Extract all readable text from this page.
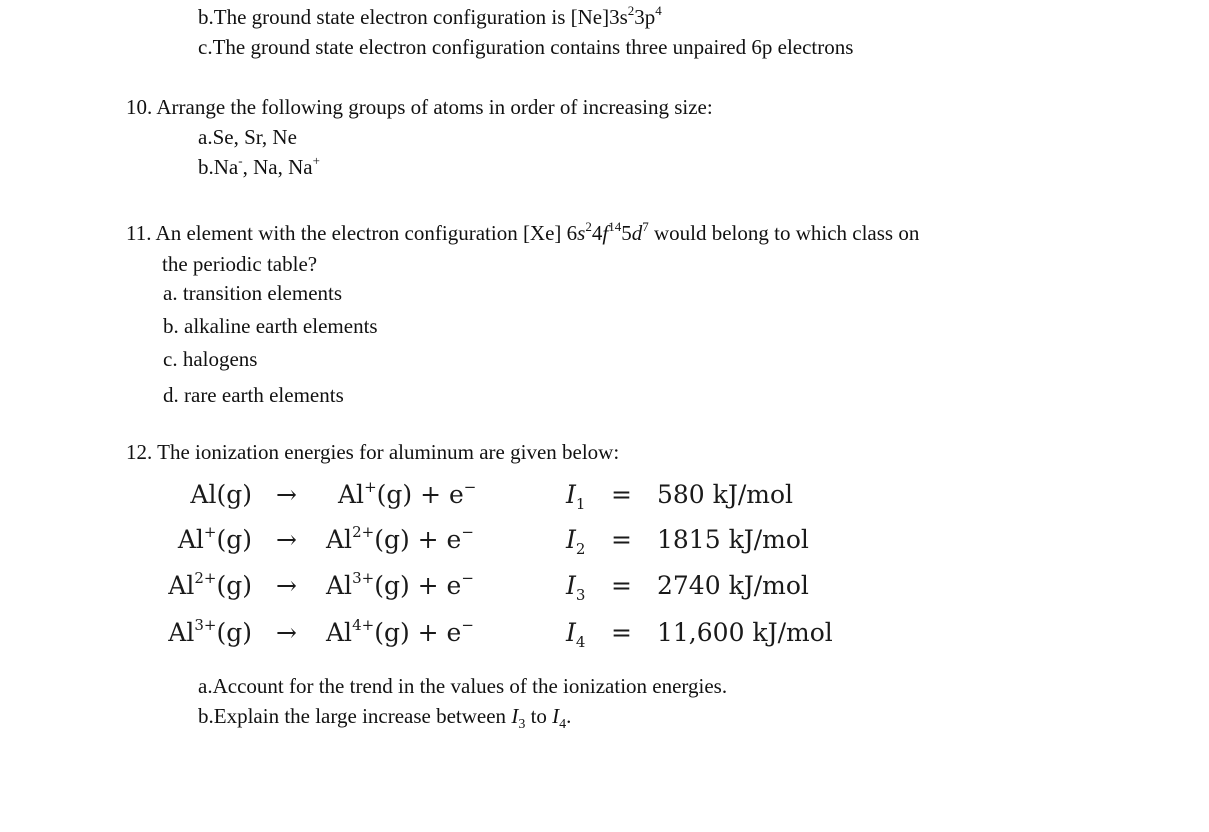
b.The ground state electron configuration is $[Ne]3s^23p^4$
c.The ground state electron configuration contains three unpaired 6p electrons
10. Arrange the following groups of atoms in order of increasing size:
a.Se, Sr, Ne
b.Na-, Na, Na+
11. An element with the electron configuration [Xe] $6s^24f^{14}5d^7$ would belong to which class on
the periodic table?
a. transition elements
b. alkaline earth elements
c. halogens
d. rare earth elements
12. The ionization energies for aluminum are given below:
Al(g) → Al+(g) + e−	$I_1 = 580$ kJ/mol
$Al^+(g) \to Al^{2+}(g) + e^-$	$I_2 = 1815$ kJ/mol
$Al^{2+}(g) \to Al^{3+}(g) + e^-$	$I_3 = 2740$ kJ/mol
$Al^{3+}(g) \to Al^{4+}(g) + e^-$	$I_4 = 11,600$ kJ/mol
a.Account for the trend in the values of the ionization energies.
b.Explain the large increase between $I_3$ to $I_4$.
